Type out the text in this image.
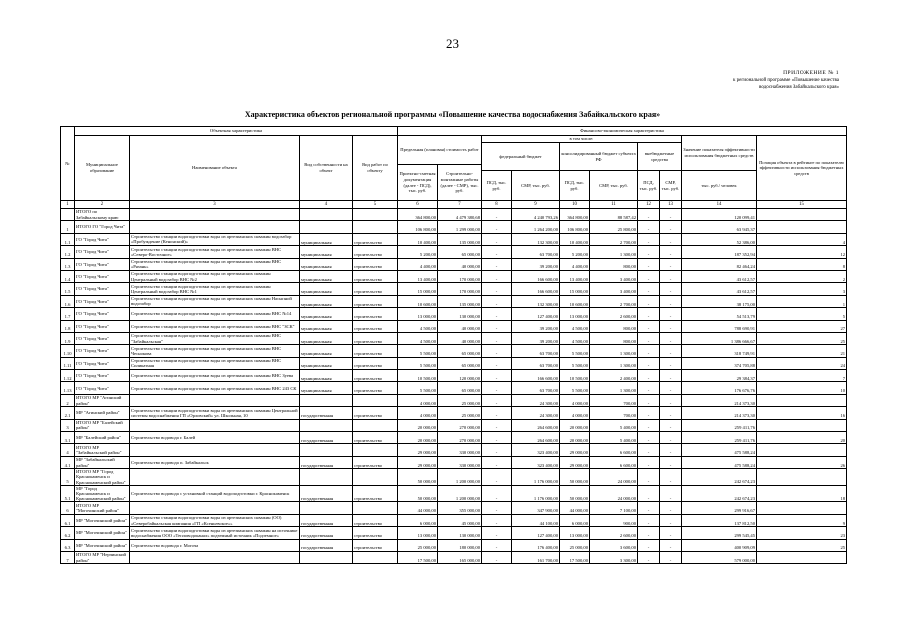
23
ПРИЛОЖЕНИЕ № 1
к региональной программе «Повышение качества
водоснабжения Забайкальского края»
Характеристика объектов региональной программы «Повышение качества водоснабжения Забайкальского края»
№	Объектная характеристика				Финансово-экономическая характеристика									
	Муниципальное образование	Наименование объекта	Вид собственности на объект	Вид работ по объекту	Предельная (плановая) стоимость работ		в том числе:						Значение показателя эффективности использования бюджетных средств	Позиция объекта в рейтинге по показателю эффективности использования бюджетных средств
							федеральный бюджет		консолидированный бюджет субъекта РФ		внебюджетные средства			
					Проектно-сметная документация (далее - ПСД), тыс. руб.	Строительно-монтажные работы (далее - СМР), тыс. руб.								
							ПСД, тыс. руб.	СМР, тыс. руб.	ПСД, тыс. руб.	СМР, тыс. руб.	ПСД, тыс. руб.	СМР, тыс. руб.	тыс. руб./ человек	
1	2	3	4	5	6	7	8	9	10	11	12	13	14	15
	ИТОГО по Забайкальскому краю				364 800,00	4 479 380,68	-	4 240 793,26	364 800,00	88 587,42	-	-	120 099,41	
1	ИТОГО ГО "Город Чита"				106 800,00	1 299 000,00	-	1 264 200,00	106 800,00	25 800,00	-	-	63 945,37	
1.1	ГО "Город Чита"	Строительство станции водоподготовки воды из артезианских скважин водозабор «Пробуждение (Кенонский)»	муниципальная	строительство	10 400,00	135 000,00	-	132 300,00	10 400,00	2 700,00	-	-	52 386,00	4
1.2	ГО "Город Чита"	Строительство станции водоподготовки воды из артезианских скважин ВНС «Северо-Восточное»	муниципальная	строительство	5 200,00	65 000,00	-	63 700,00	5 200,00	1 300,00	-	-	187 352,94	12
1.3	ГО "Город Чита"	Строительство станции водоподготовки воды из артезианских скважин ВНС «Рязань»	муниципальная	строительство	4 400,00	40 000,00	-	39 200,00	4 400,00	800,00	-	-	82 464,24	8
1.4	ГО "Город Чита"	Строительство станции водоподготовки воды из артезианских скважин Центральный водозабор ВНС №2	муниципальная	строительство	13 400,00	170 000,00	-	166 600,00	13 400,00	3 400,00	-	-	43 612,57	2
1.5	ГО "Город Чита"	Строительство станции водоподготовки воды из артезианских скважин Центральный водозабор ВНС №1	муниципальная	строительство	15 000,00	170 000,00	-	166 600,00	15 000,00	3 400,00	-	-	43 612,57	3
1.6	ГО "Город Чита"	Строительство станции водоподготовки воды из артезианских скважин Насыпной водозабор	муниципальная	строительство	10 600,00	135 000,00	-	132 300,00	10 600,00	2 700,00	-	-	38 175,00	1
1.7	ГО "Город Чита"	Строительство станции водоподготовки воды из артезианских скважин ВНС №14	муниципальная	строительство	13 000,00	130 000,00	-	127 400,00	13 000,00	2 600,00	-	-	54 513,79	5
1.8	ГО "Город Чита"	Строительство станции водоподготовки воды из артезианских скважин ВНС "ЗСК"	муниципальная	строительство	4 500,00	40 000,00	-	39 200,00	4 500,00	800,00	-	-	788 690,91	27
1.9	ГО "Город Чита"	Строительство станции водоподготовки воды из артезианских скважин ВНС "Забайкальская"	муниципальная	строительство	4 500,00	40 000,00	-	39 200,00	4 500,00	800,00	-	-	1 386 666,67	25
1.10	ГО "Город Чита"	Строительство станции водоподготовки воды из артезианских скважин ВНС Чеснокова	муниципальная	строительство	5 500,00	65 000,00	-	63 700,00	5 500,00	1 300,00	-	-	318 749,91	21
1.11	ГО "Город Чита"	Строительство станции водоподготовки воды из артезианских скважин ВНС Силикатная	муниципальная	строительство	5 500,00	65 000,00	-	63 700,00	5 500,00	1 300,00	-	-	374 705,88	24
1.12	ГО "Город Чита"	Строительство станции водоподготовки воды из артезианских скважин ВНС Зуева	муниципальная	строительство	10 500,00	120 000,00	-	166 600,00	10 500,00	2 400,00	-	-	29 384,37	7
1.13	ГО "Город Чита"	Строительство станции водоподготовки воды из артезианских скважин ВНС 243 СК	муниципальная	строительство	5 500,00	65 000,00	-	63 700,00	5 500,00	1 300,00	-	-	176 676,76	10
2	ИТОГО МР "Агинский район"				4 000,00	25 000,00	-	24 300,00	4 000,00	700,00	-	-	214 373,30	
2.1	МР "Агинский район"	Строительство станции водоподготовки воды из артезианских скважин Центральной системы водоснабжения ГП «Орловский» ул. Школьная, 10	государственная	строительство	4 000,00	25 000,00	-	24 300,00	4 000,00	700,00	-	-	214 373,30	16
3	ИТОГО МР "Балейский район"				20 000,00	270 000,00	-	264 600,00	20 000,00	5 400,00	-	-	259 411,76	
3.1	МР "Балейский район"	Строительство водовода г. Балей	государственная	строительство	20 000,00	270 000,00	-	264 600,00	20 000,00	5 400,00	-	-	259 411,76	20
4	ИТОГО МР "Забайкальский район"				29 000,00	330 000,00	-	323 400,00	29 000,00	6 600,00	-	-	475 588,24	
4.1	МР "Забайкальский район"	Строительство водовода п. Забайкальск	государственная	строительство	29 000,00	330 000,00	-	323 400,00	29 000,00	6 600,00	-	-	475 588,24	26
5	ИТОГО МР "Город Краснокаменск и Краснокаменский район"				50 000,00	1 200 000,00	-	1 176 000,00	50 000,00	24 000,00	-	-	242 674,23	
5.1	МР "Город Краснокаменск и Краснокаменский район"	Строительство водовода с установкой станций водоподготовки г. Краснокаменск	государственная	строительство	50 000,00	1 200 000,00	-	1 176 000,00	50 000,00	24 000,00	-	-	242 674,23	18
6	ИТОГО МР "Могочинский район"				44 000,00	355 000,00	-	347 900,00	44 000,00	7 100,00	-	-	299 916,67	
6.1	МР "Могочинский район"	Строительство станции водоподготовки воды из артезианских скважин (ОО) «Северобайкальская компания «ГП «Ксеньевское»»	государственная	строительство	6 000,00	45 000,00	-	44 100,00	6 000,00	900,00	-	-	137 812,50	9
6.2	МР "Могочинский район"	Строительство станции водоподготовки воды из артезианских скважин на источнике водоснабжения ООО «Тепловодоканал» подземный источник «Подземное»	государственная	строительство	13 000,00	130 000,00	-	127 400,00	13 000,00	2 600,00	-	-	299 545,45	23
6.3	МР "Могочинский район"	Строительство водовода г. Могоча	государственная	строительство	25 000,00	180 000,00	-	176 400,00	25 000,00	3 600,00	-	-	400 909,09	25
7	ИТОГО МР "Нерчинский район"				17 500,00	165 000,00	-	161 700,00	17 500,00	3 300,00	-	-	579 000,00	
